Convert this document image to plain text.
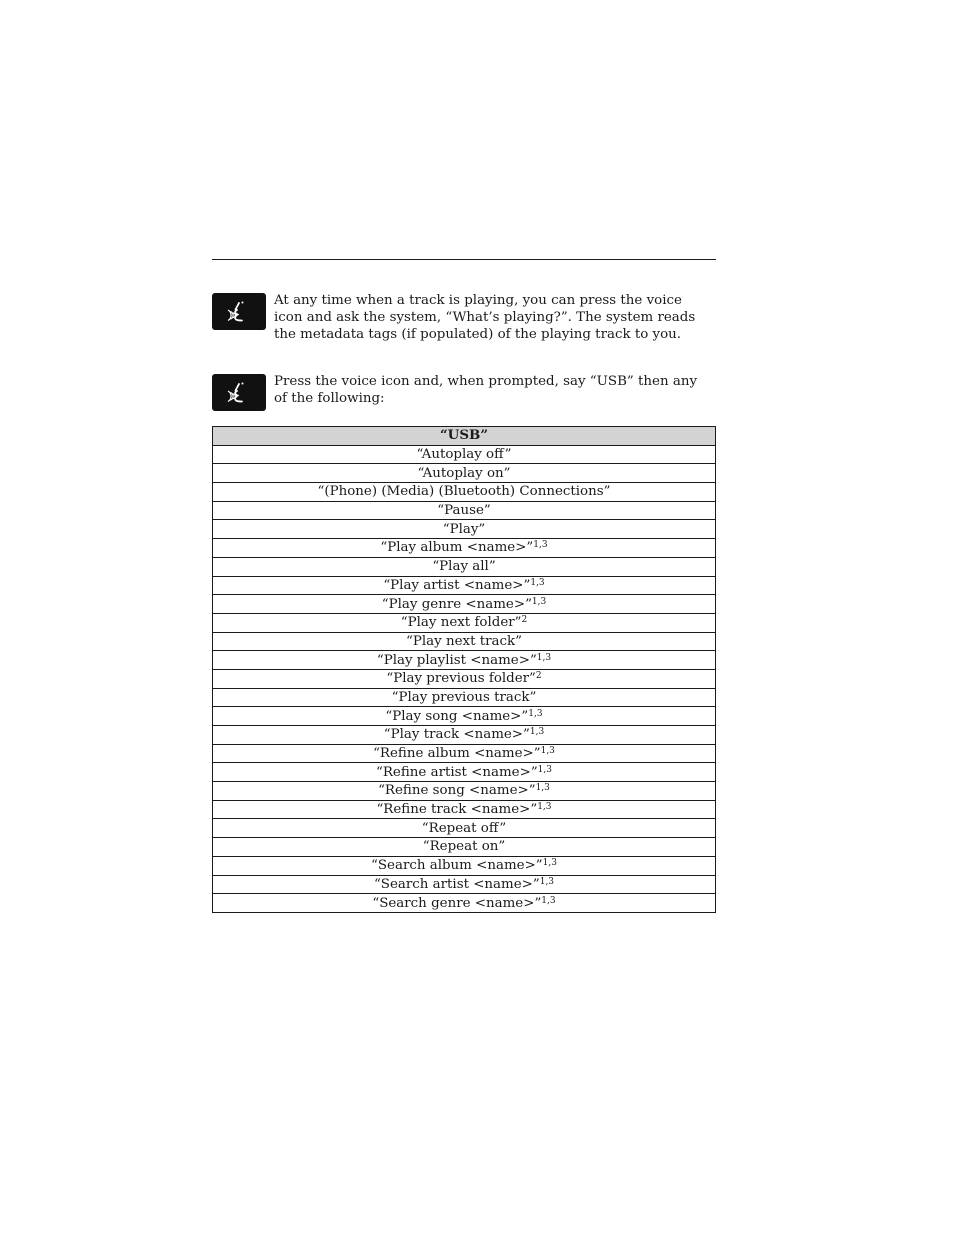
At any time when a track is playing, you can press the voice icon and ask the system, “What’s playing?”. The system reads the metadata tags (if populated) of the playing track to you.
Press the voice icon and, when prompted, say “USB” then any of the following:
“USB”
“Autoplay off”
“Autoplay on”
“(Phone) (Media) (Bluetooth) Connections”
“Pause”
“Play”
“Play album <name>”$^{1,3}$
“Play all”
“Play artist <name>”$^{1,3}$
“Play genre <name>”$^{1,3}$
“Play next folder”$^2$
“Play next track”
“Play playlist <name>”$^{1,3}$
“Play previous folder”$^2$
“Play previous track”
“Play song <name>”$^{1,3}$
“Play track <name>”$^{1,3}$
“Refine album <name>”$^{1,3}$
“Refine artist <name>”$^{1,3}$
“Refine song <name>”$^{1,3}$
“Refine track <name>”$^{1,3}$
“Repeat off”
“Repeat on”
“Search album <name>”$^{1,3}$
“Search artist <name>”$^{1,3}$
“Search genre <name>”$^{1,3}$
